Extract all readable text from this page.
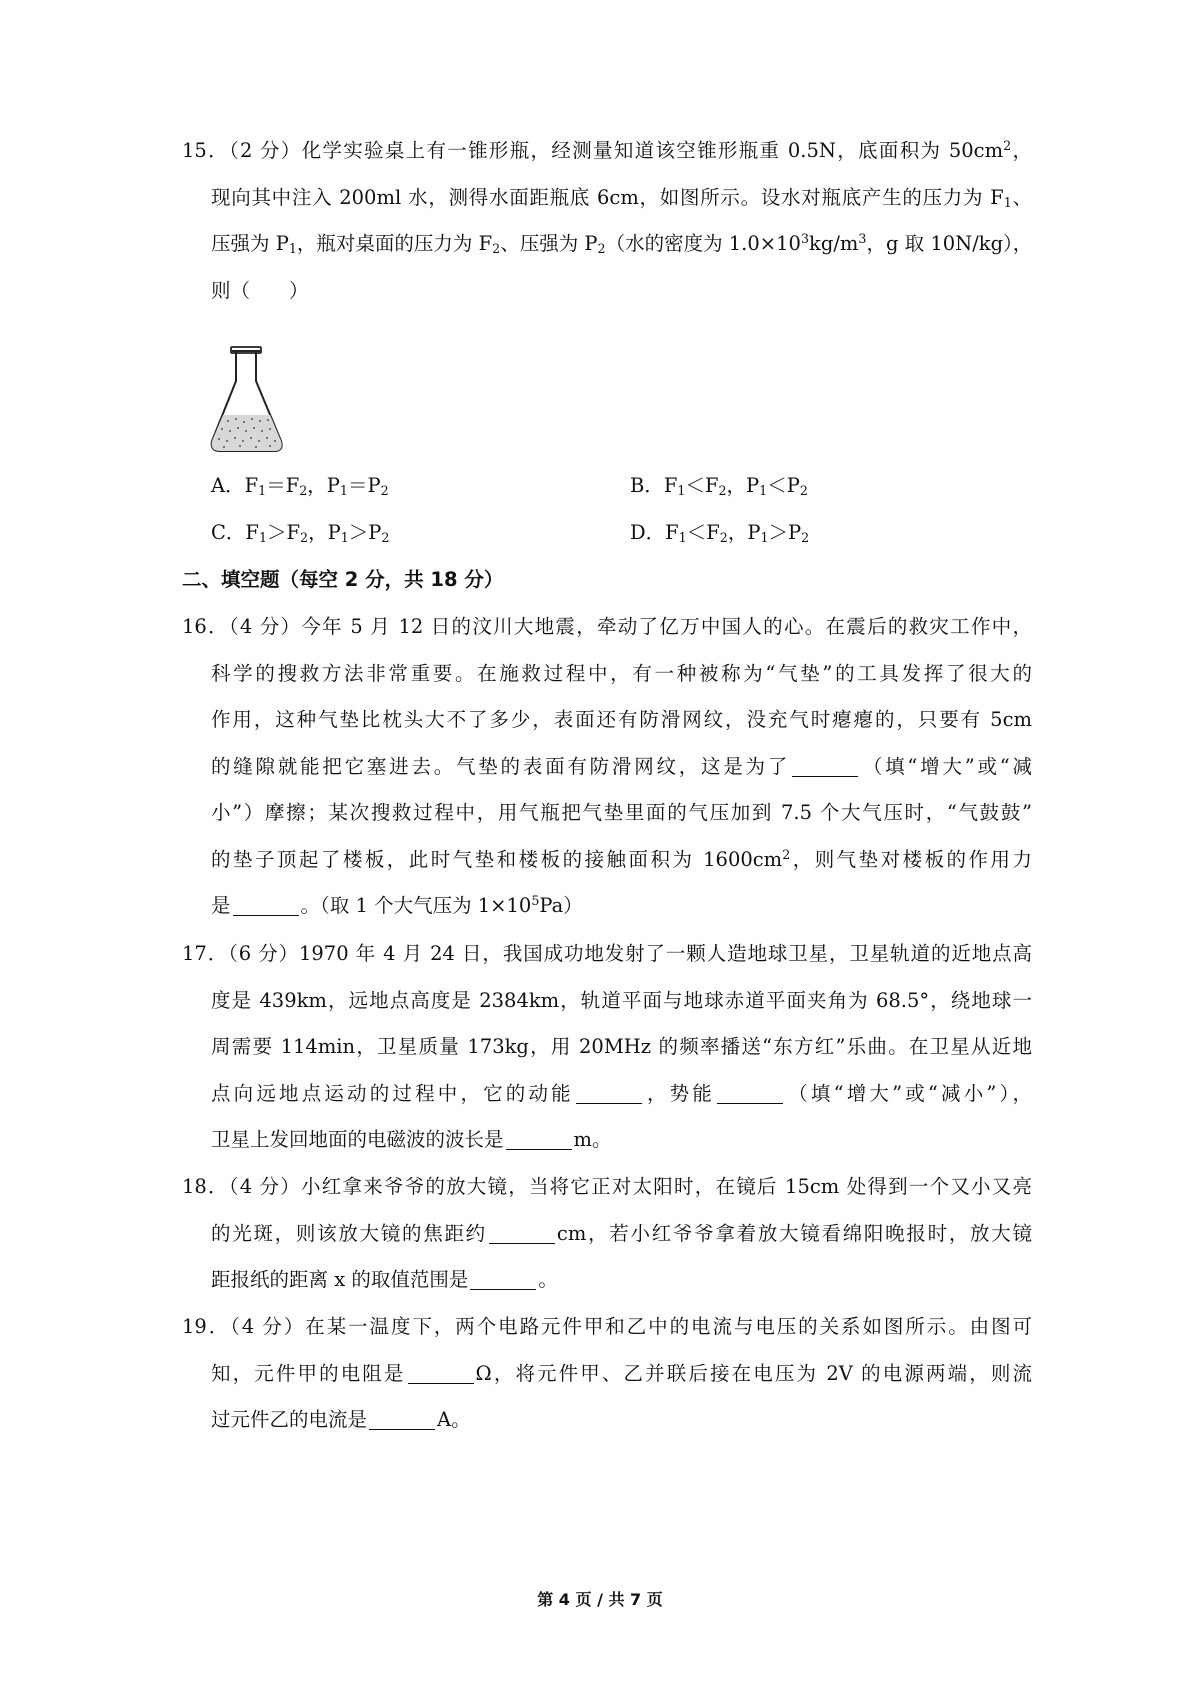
15．（2 分）化学实验桌上有一锥形瓶，经测量知道该空锥形瓶重 0.5N，底面积为 $50cm^2$，
现向其中注入 200ml 水，测得水面距瓶底 6cm，如图所示。设水对瓶底产生的压力为 $F_1$、
压强为 $P_1$，瓶对桌面的压力为 $F_2$、压强为 $P_2$（水的密度为 $1.0\times 10^3kg/m^3$，g 取 10N/kg），
则（　　）
A．$F_1=F_2$，$P_1=P_2$	B．$F_1<F_2$，$P_1<P_2$
C．$F_1>F_2$，$P_1>P_2$	D．$F_1<F_2$，$P_1>P_2$
二、填空题（每空 2 分，共 18 分）
16．（4 分）今年 5 月 12 日的汶川大地震，牵动了亿万中国人的心。在震后的救灾工作中，
科学的搜救方法非常重要。在施救过程中，有一种被称为“气垫”的工具发挥了很大的
作用，这种气垫比枕头大不了多少，表面还有防滑网纹，没充气时瘪瘪的，只要有 5cm
的缝隙就能把它塞进去。气垫的表面有防滑网纹，这是为了	（填“增大”或“减
小”）摩擦；某次搜救过程中，用气瓶把气垫里面的气压加到 7.5 个大气压时，“气鼓鼓”
的垫子顶起了楼板，此时气垫和楼板的接触面积为 $1600cm^2$，则气垫对楼板的作用力
是	。（取 1 个大气压为 $1\times 10^5Pa$）
17．（6 分）1970 年 4 月 24 日，我国成功地发射了一颗人造地球卫星，卫星轨道的近地点高
度是 439km，远地点高度是 2384km，轨道平面与地球赤道平面夹角为 68.5°，绕地球一
周需要 114min，卫星质量 173kg，用 20MHz 的频率播送“东方红”乐曲。在卫星从近地
点向远地点运动的过程中，它的动能	，势能	（填“增大”或“减小”），
卫星上发回地面的电磁波的波长是	m。
18．（4 分）小红拿来爷爷的放大镜，当将它正对太阳时，在镜后 15cm 处得到一个又小又亮
的光斑，则该放大镜的焦距约	cm，若小红爷爷拿着放大镜看绵阳晚报时，放大镜
距报纸的距离 x 的取值范围是	。
19．（4 分）在某一温度下，两个电路元件甲和乙中的电流与电压的关系如图所示。由图可
知，元件甲的电阻是	Ω，将元件甲、乙并联后接在电压为 2V 的电源两端，则流
过元件乙的电流是	A。
第 4 页 / 共 7 页
